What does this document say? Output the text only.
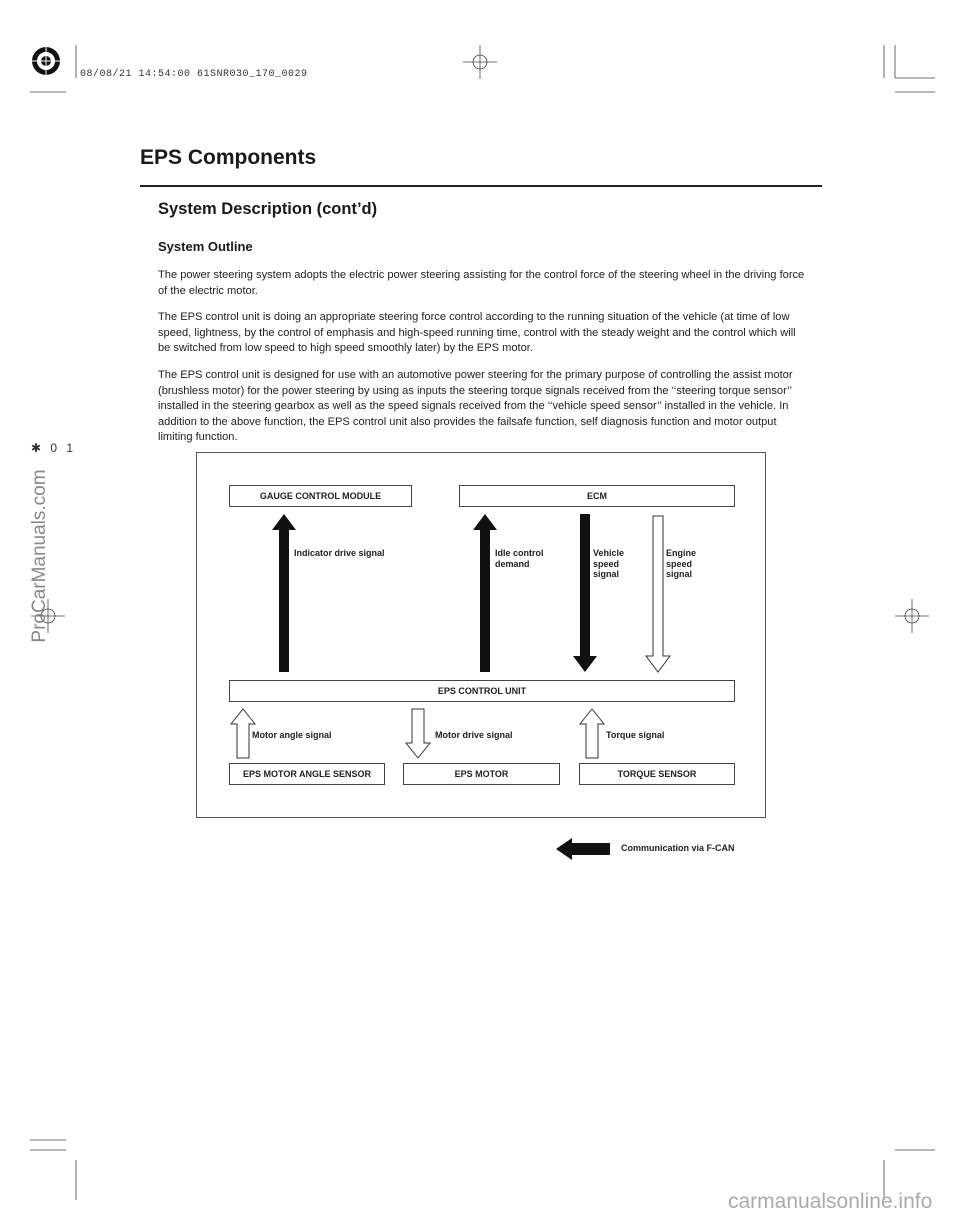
08/08/21 14:54:00 61SNR030_170_0029
EPS Components
System Description (cont’d)
System Outline
The power steering system adopts the electric power steering assisting for the control force of the steering wheel in the driving force of the electric motor.
The EPS control unit is doing an appropriate steering force control according to the running situation of the vehicle (at time of low speed, lightness, by the control of emphasis and high-speed running time, control with the steady weight and the control which will be switched from low speed to high speed smoothly later) by the EPS motor.
The EPS control unit is designed for use with an automotive power steering for the primary purpose of controlling the assist motor (brushless motor) for the power steering by using as inputs the steering torque signals received from the ‘‘steering torque sensor’’ installed in the steering gearbox as well as the speed signals received from the ‘‘vehicle speed sensor’’ installed in the vehicle. In addition to the above function, the EPS control unit also provides the failsafe function, self diagnosis function and motor output limiting function.
ProCarManuals.com
✱ 0 1
GAUGE CONTROL MODULE	ECM
EPS CONTROL UNIT
EPS MOTOR ANGLE SENSOR	EPS MOTOR	TORQUE SENSOR
Indicator drive signal	Idle control
demand
Vehicle
speed
signal
Engine
speed
signal
Motor angle signal	Motor drive signal	Torque signal
Communication via F-CAN
carmanualsonline.info
